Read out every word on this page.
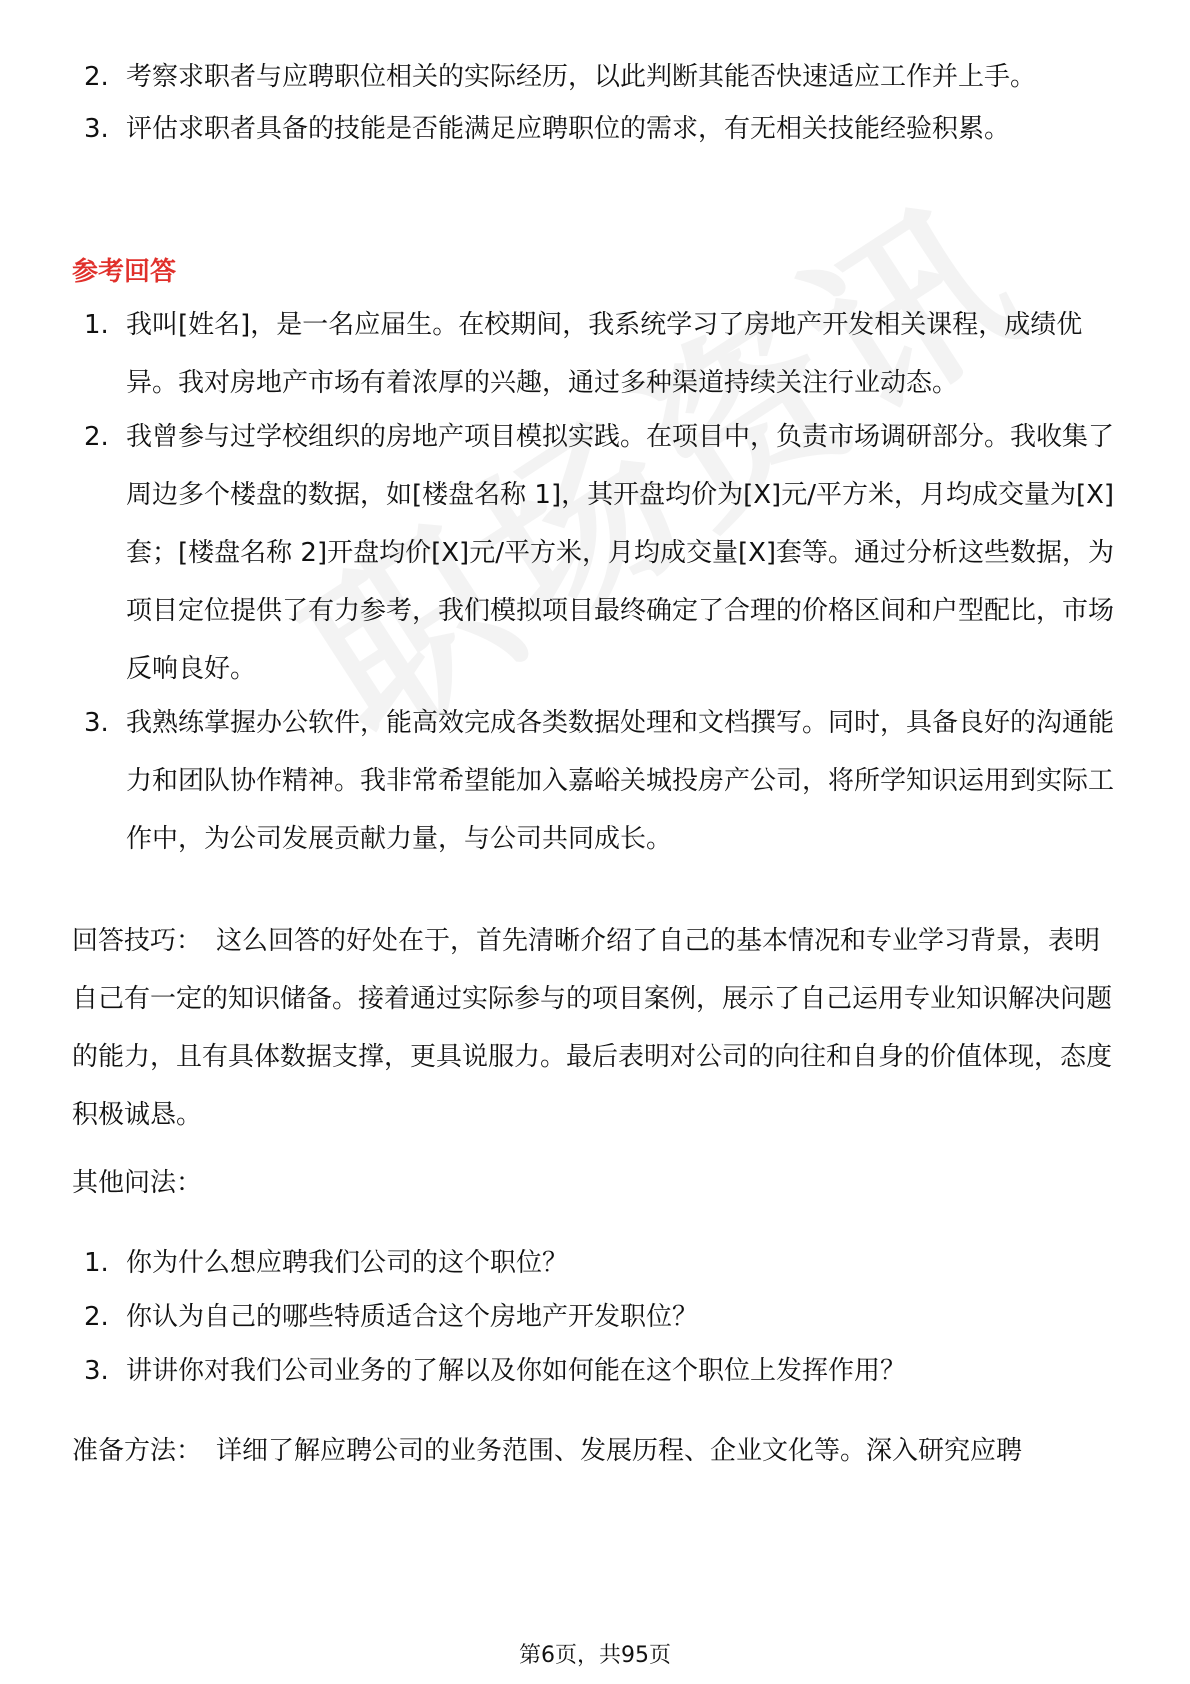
2. 考察求职者与应聘职位相关的实际经历，以此判断其能否快速适应工作并上手。
3. 评估求职者具备的技能是否能满足应聘职位的需求，有无相关技能经验积累。
参考回答
1. 我叫[姓名]，是一名应届生。在校期间，我系统学习了房地产开发相关课程，成绩优异。我对房地产市场有着浓厚的兴趣，通过多种渠道持续关注行业动态。
2. 我曾参与过学校组织的房地产项目模拟实践。在项目中，负责市场调研部分。我收集了周边多个楼盘的数据，如[楼盘名称 1]，其开盘均价为[X]元/平方米，月均成交量为[X]套；[楼盘名称 2]开盘均价[X]元/平方米，月均成交量[X]套等。通过分析这些数据，为项目定位提供了有力参考，我们模拟项目最终确定了合理的价格区间和户型配比，市场反响良好。
3. 我熟练掌握办公软件，能高效完成各类数据处理和文档撰写。同时，具备良好的沟通能力和团队协作精神。我非常希望能加入嘉峪关城投房产公司，将所学知识运用到实际工作中，为公司发展贡献力量，与公司共同成长。
回答技巧： 这么回答的好处在于，首先清晰介绍了自己的基本情况和专业学习背景，表明自己有一定的知识储备。接着通过实际参与的项目案例，展示了自己运用专业知识解决问题的能力，且有具体数据支撑，更具说服力。最后表明对公司的向往和自身的价值体现，态度积极诚恳。
其他问法：
1. 你为什么想应聘我们公司的这个职位？
2. 你认为自己的哪些特质适合这个房地产开发职位？
3. 讲讲你对我们公司业务的了解以及你如何能在这个职位上发挥作用？
准备方法： 详细了解应聘公司的业务范围、发展历程、企业文化等。深入研究应聘
第6页，共95页
